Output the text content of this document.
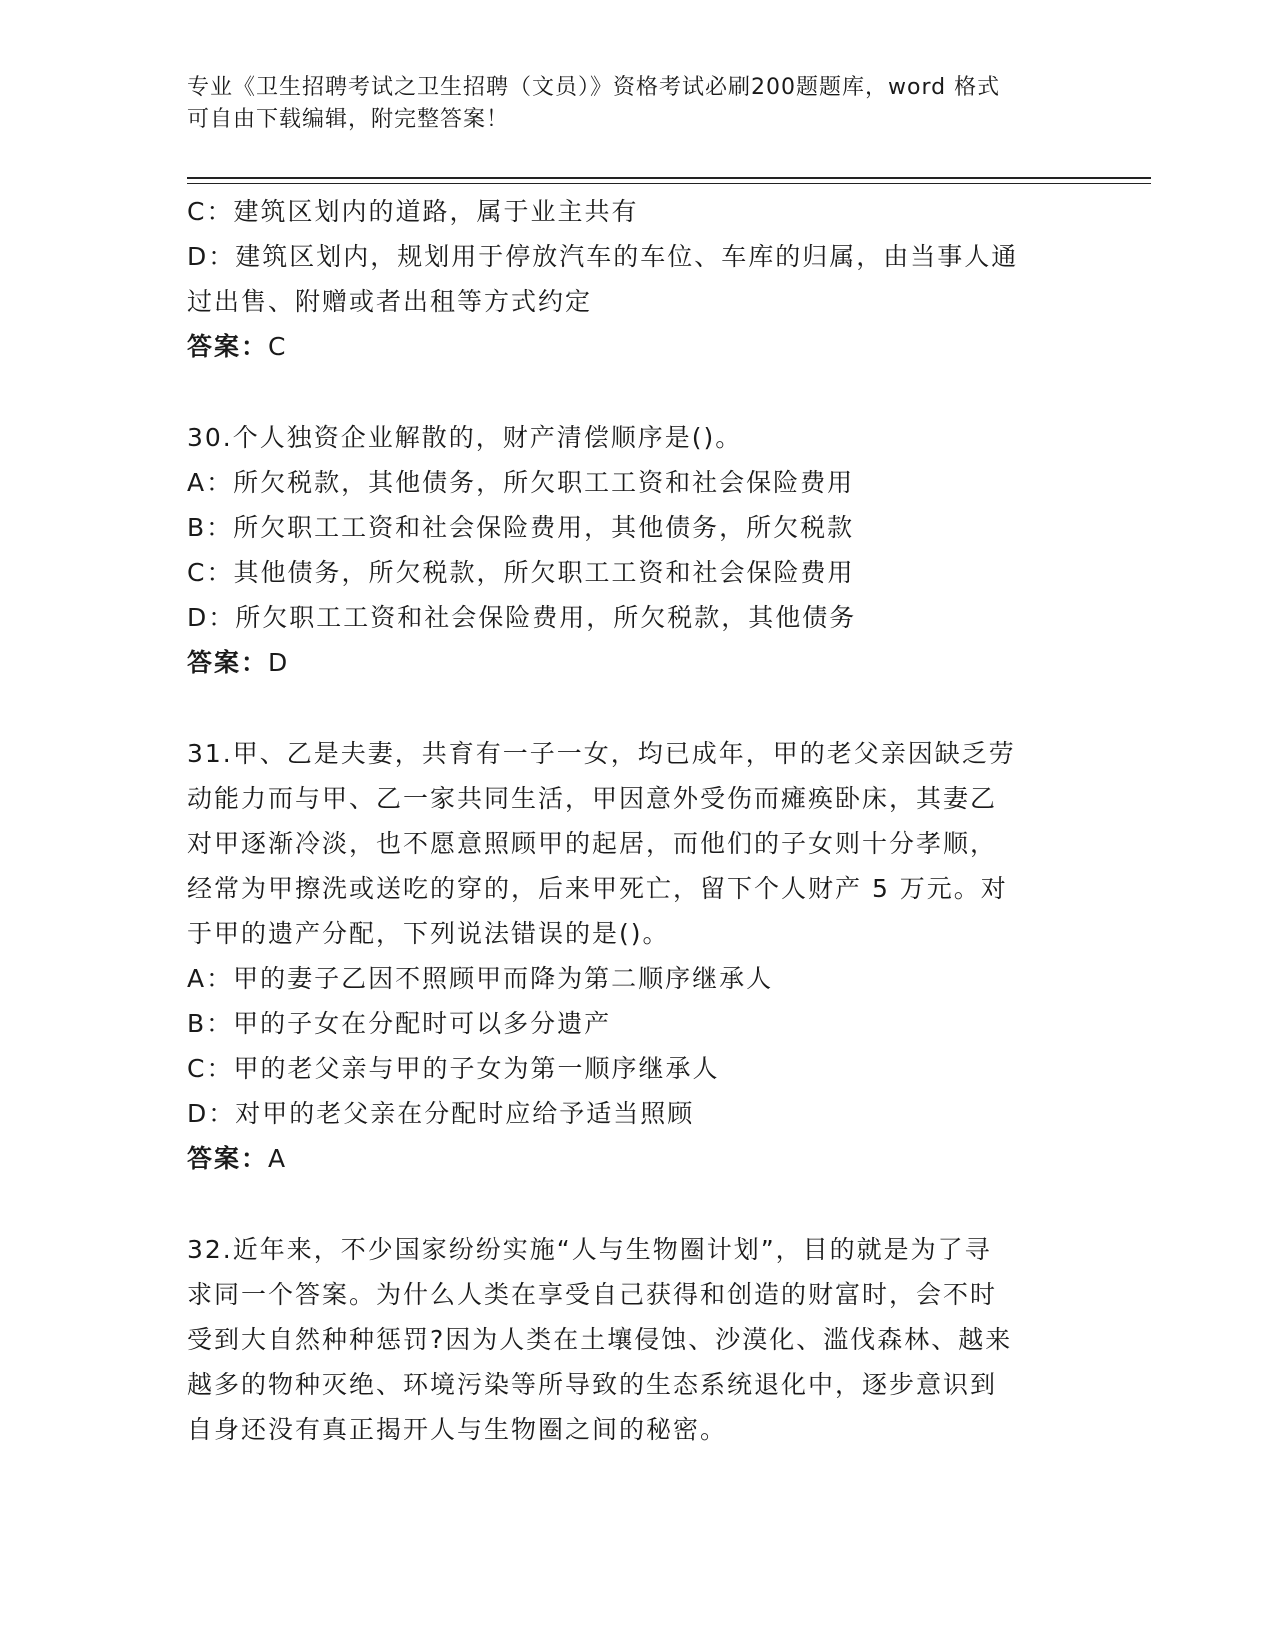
专业《卫生招聘考试之卫生招聘（文员）》资格考试必刷200题题库，word 格式
可自由下载编辑，附完整答案！
C：建筑区划内的道路，属于业主共有
D：建筑区划内，规划用于停放汽车的车位、车库的归属，由当事人通
过出售、附赠或者出租等方式约定
答案：C
30.个人独资企业解散的，财产清偿顺序是()。
A：所欠税款，其他债务，所欠职工工资和社会保险费用
B：所欠职工工资和社会保险费用，其他债务，所欠税款
C：其他债务，所欠税款，所欠职工工资和社会保险费用
D：所欠职工工资和社会保险费用，所欠税款，其他债务
答案：D
31.甲、乙是夫妻，共育有一子一女，均已成年，甲的老父亲因缺乏劳
动能力而与甲、乙一家共同生活，甲因意外受伤而瘫痪卧床，其妻乙
对甲逐渐冷淡，也不愿意照顾甲的起居，而他们的子女则十分孝顺，
经常为甲擦洗或送吃的穿的，后来甲死亡，留下个人财产 5 万元。对
于甲的遗产分配，下列说法错误的是()。
A：甲的妻子乙因不照顾甲而降为第二顺序继承人
B：甲的子女在分配时可以多分遗产
C：甲的老父亲与甲的子女为第一顺序继承人
D：对甲的老父亲在分配时应给予适当照顾
答案：A
32.近年来，不少国家纷纷实施“人与生物圈计划”，目的就是为了寻
求同一个答案。为什么人类在享受自己获得和创造的财富时，会不时
受到大自然种种惩罚?因为人类在土壤侵蚀、沙漠化、滥伐森林、越来
越多的物种灭绝、环境污染等所导致的生态系统退化中，逐步意识到
自身还没有真正揭开人与生物圈之间的秘密。
